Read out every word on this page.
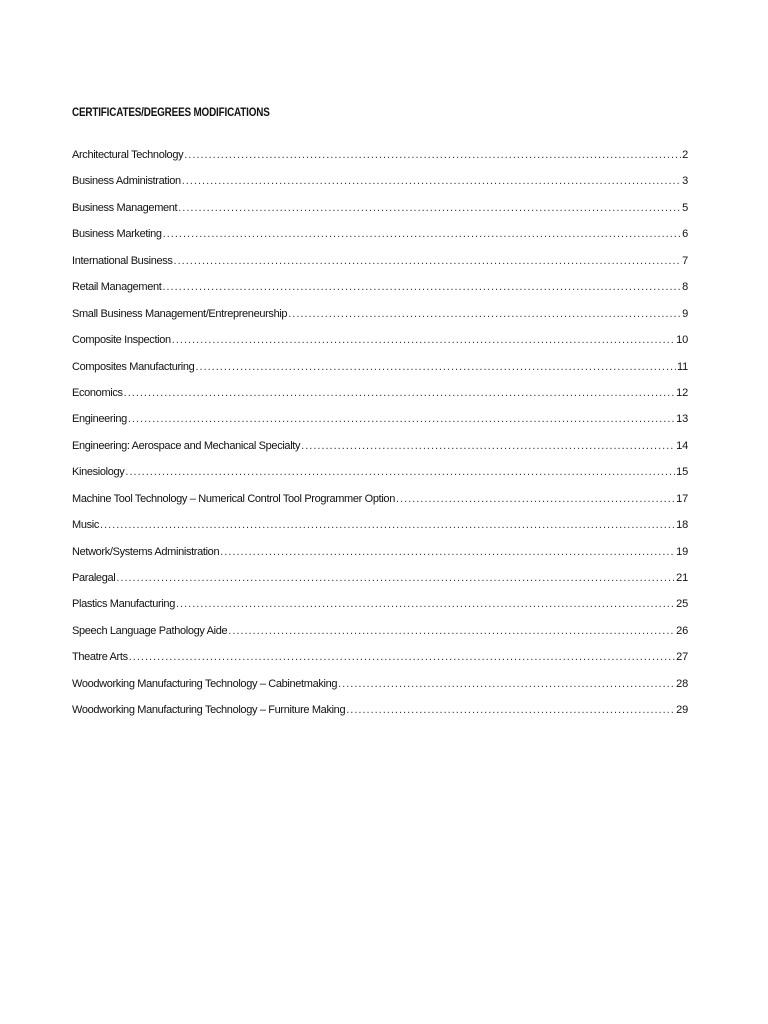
CERTIFICATES/DEGREES MODIFICATIONS
Architectural Technology .....	2
Business Administration .....	3
Business Management .....	5
Business Marketing .....	6
International Business .....	7
Retail Management .....	8
Small Business Management/Entrepreneurship .....	9
Composite Inspection .....	10
Composites Manufacturing .....	11
Economics .....	12
Engineering .....	13
Engineering: Aerospace and Mechanical Specialty .....	14
Kinesiology .....	15
Machine Tool Technology – Numerical Control Tool Programmer Option .....	17
Music .....	18
Network/Systems Administration .....	19
Paralegal .....	21
Plastics Manufacturing .....	25
Speech Language Pathology Aide .....	26
Theatre Arts .....	27
Woodworking Manufacturing Technology – Cabinetmaking .....	28
Woodworking Manufacturing Technology – Furniture Making .....	29
